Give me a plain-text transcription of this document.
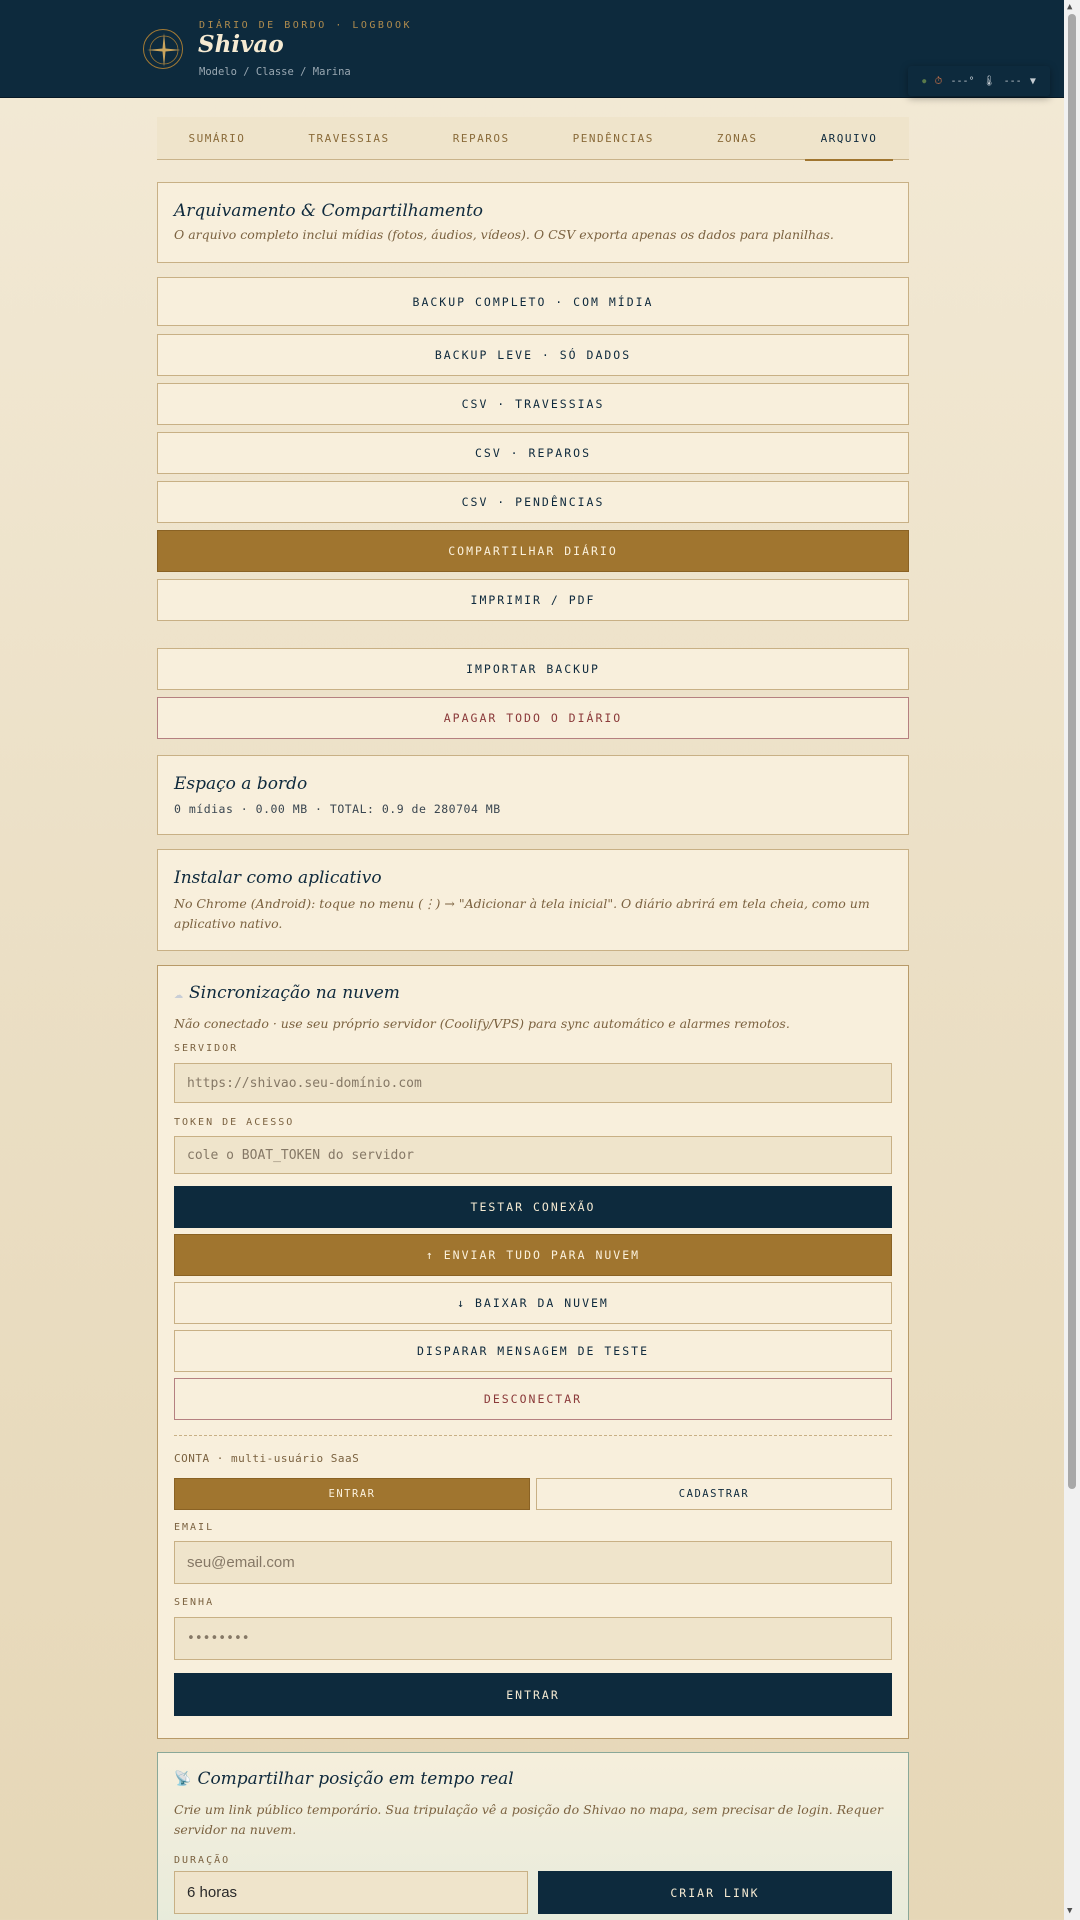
DIÁRIO DE BORDO · LOGBOOK
Shivao
Modelo / Classe / Marina
● ⏱ ---° 🌡 --- ▼
▲
▼
SUMÁRIO	TRAVESSIAS	REPAROS	PENDÊNCIAS	ZONAS	ARQUIVO
Arquivamento & Compartilhamento
O arquivo completo inclui mídias (fotos, áudios, vídeos). O CSV exporta apenas os dados para planilhas.
BACKUP COMPLETO · COM MÍDIA
BACKUP LEVE · SÓ DADOS
CSV · TRAVESSIAS
CSV · REPAROS
CSV · PENDÊNCIAS
COMPARTILHAR DIÁRIO
IMPRIMIR / PDF
IMPORTAR BACKUP
APAGAR TODO O DIÁRIO
Espaço a bordo
0 mídias · 0.00 MB · TOTAL: 0.9 de 280704 MB
Instalar como aplicativo
No Chrome (Android): toque no menu (⋮) → "Adicionar à tela inicial". O diário abrirá em tela cheia, como um aplicativo nativo.
☁ Sincronização na nuvem
Não conectado · use seu próprio servidor (Coolify/VPS) para sync automático e alarmes remotos.
SERVIDOR
https://shivao.seu-domínio.com
TOKEN DE ACESSO
cole o BOAT_TOKEN do servidor
TESTAR CONEXÃO
↑ ENVIAR TUDO PARA NUVEM
↓ BAIXAR DA NUVEM
DISPARAR MENSAGEM DE TESTE
DESCONECTAR
CONTA · multi-usuário SaaS
ENTRAR	CADASTRAR
EMAIL
seu@email.com
SENHA
••••••••
ENTRAR
📡 Compartilhar posição em tempo real
Crie um link público temporário. Sua tripulação vê a posição do Shivao no mapa, sem precisar de login. Requer servidor na nuvem.
DURAÇÃO
6 horas	CRIAR LINK
